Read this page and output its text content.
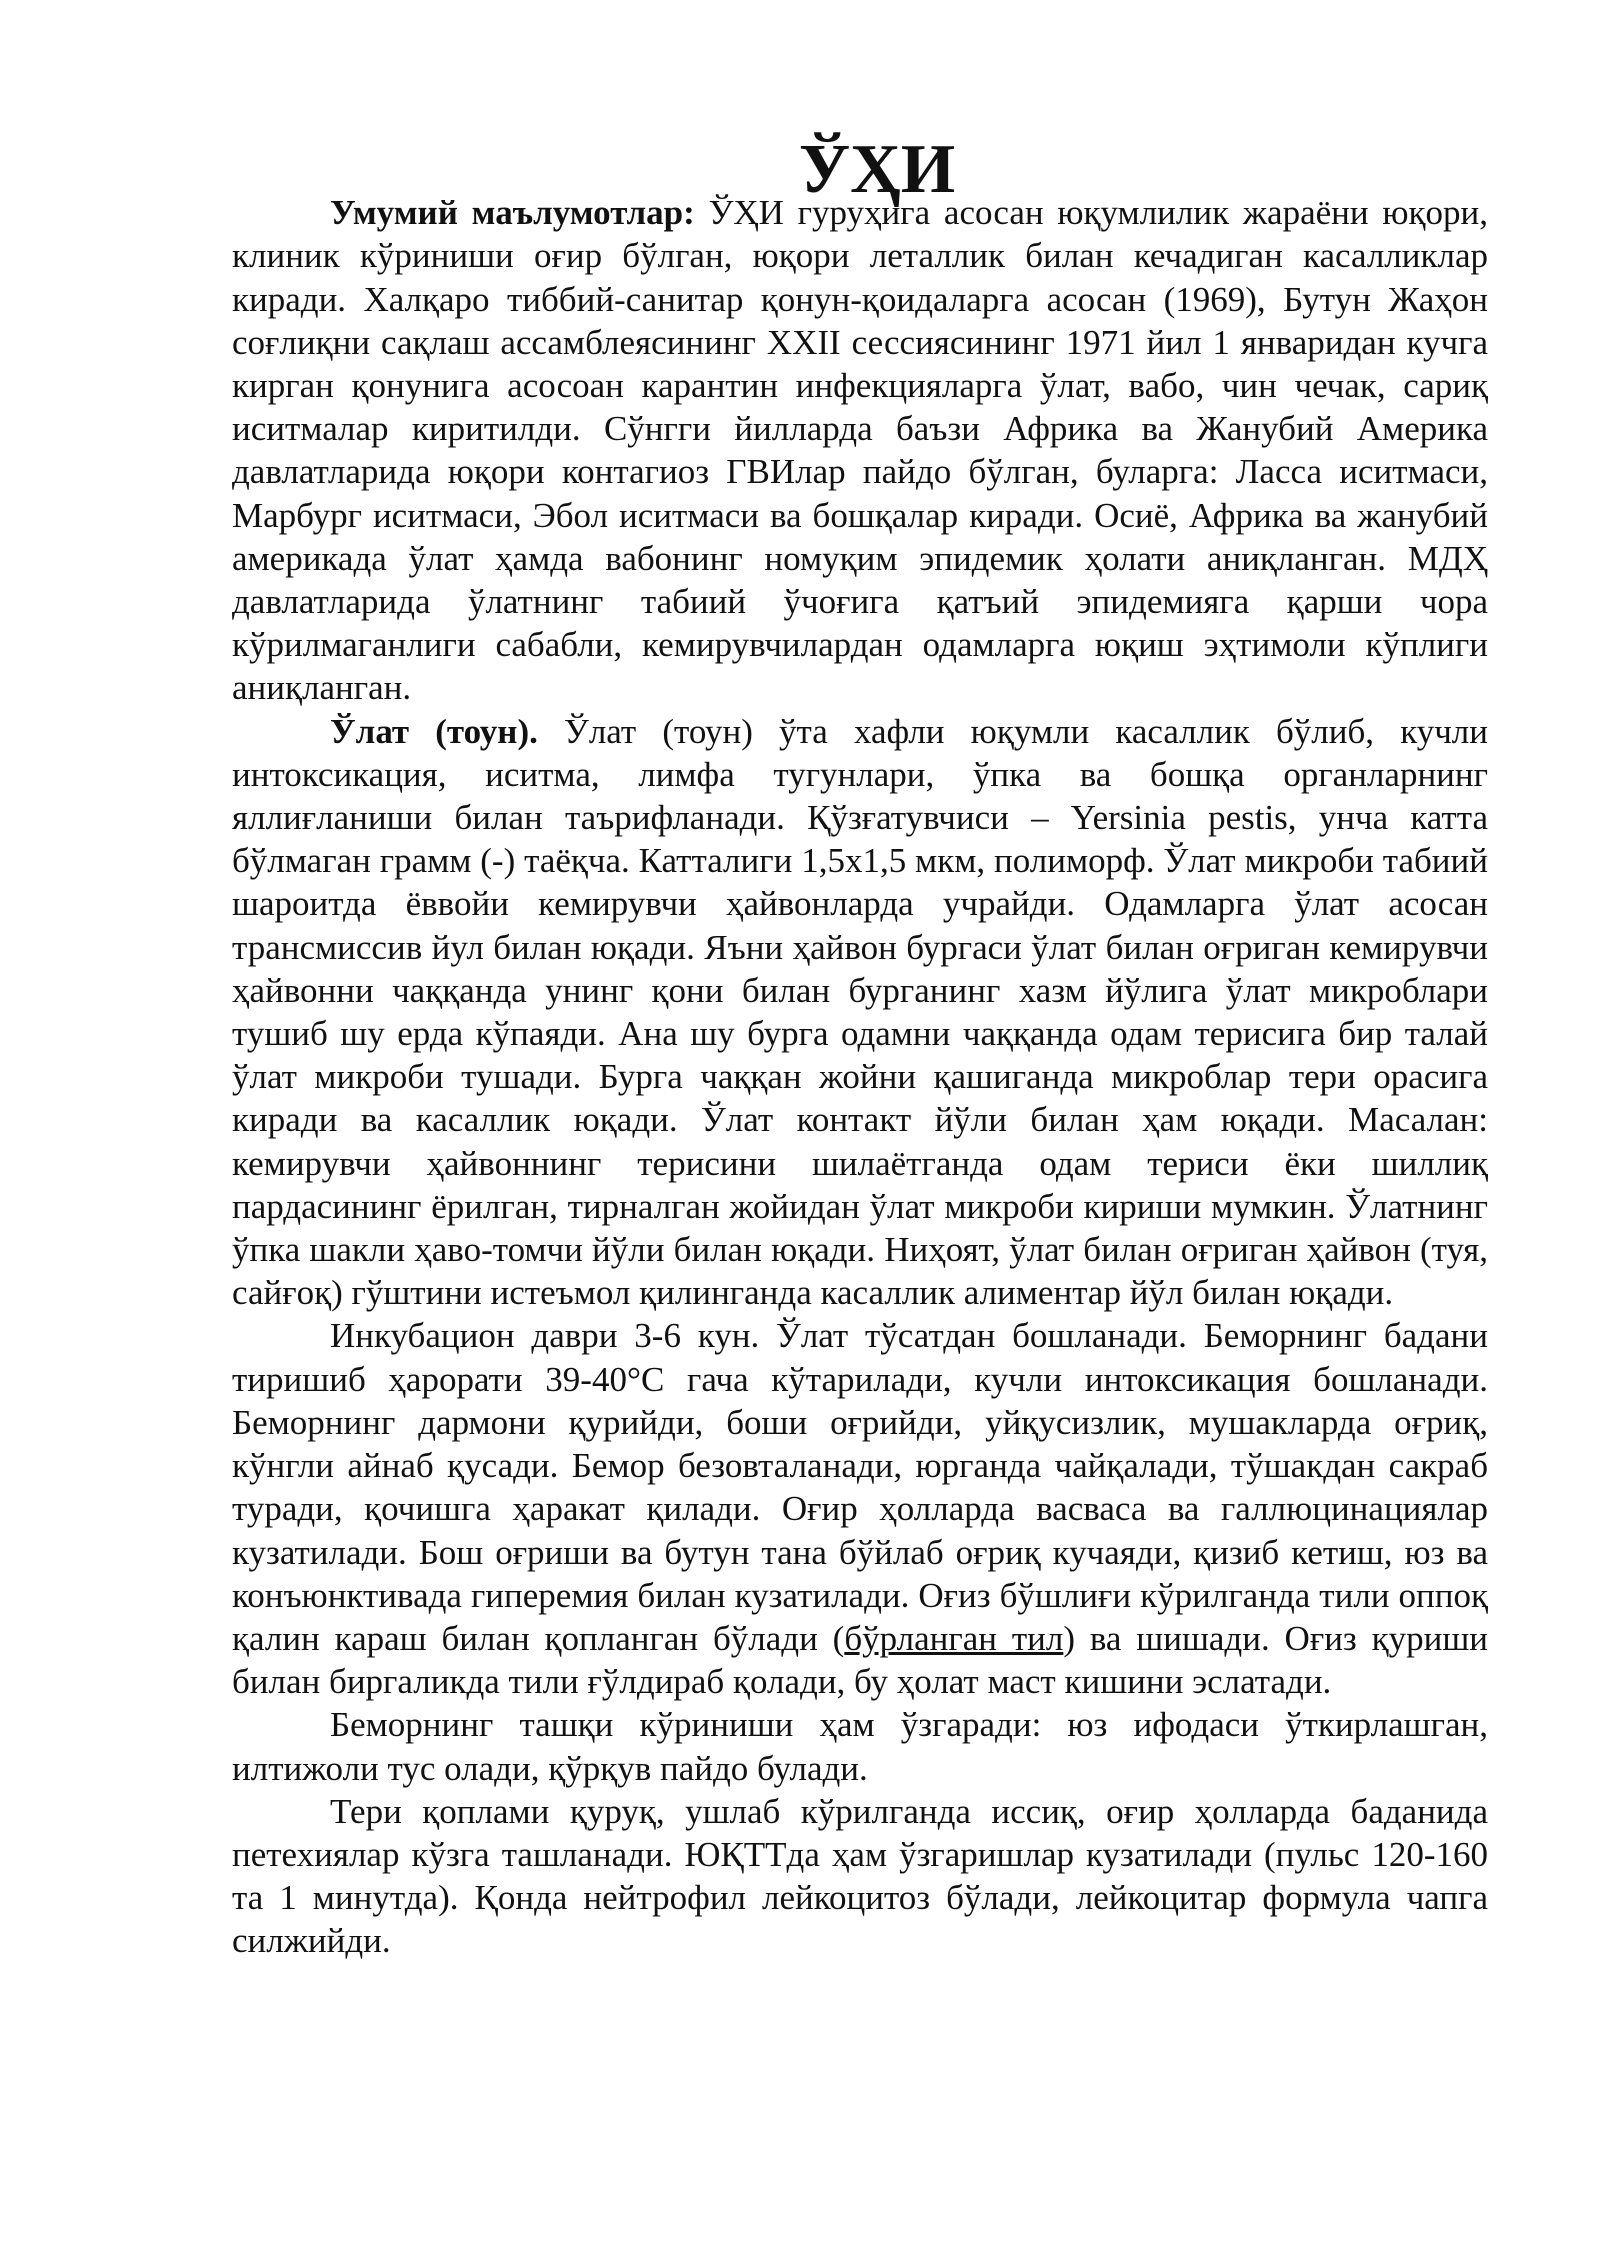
ЎҲИ

Умумий маълумотлар: ЎҲИ гуруҳига асосан юқумлилик жараёни юқори, клиник кўриниши оғир бўлган, юқори леталлик билан кечадиган касалликлар киради. Халқаро тиббий-санитар қонун-қоидаларга асосан (1969), Бутун Жаҳон соғлиқни сақлаш ассамблеясининг XXII сессиясининг 1971 йил 1 январидан кучга кирган қонунига асосоан карантин инфекцияларга ўлат, вабо, чин чечак, сариқ иситмалар киритилди. Сўнгги йилларда баъзи Африка ва Жанубий Америка давлатларида юқори контагиоз ГВИлар пайдо бўлган, буларга: Ласса иситмаси, Марбург иситмаси, Эбол иситмаси ва бошқалар киради. Осиё, Африка ва жанубий америкада ўлат ҳамда вабонинг номуқим эпидемик ҳолати аниқланган. МДҲ давлатларида ўлатнинг табиий ўчоғига қатъий эпидемияга қарши чора кўрилмаганлиги сабабли, кемирувчилардан одамларга юқиш эҳтимоли кўплиги аниқланган.

Ўлат (тоун). Ўлат (тоун) ўта хафли юқумли касаллик бўлиб, кучли интоксикация, иситма, лимфа тугунлари, ўпка ва бошқа органларнинг яллиғланиши билан таърифланади. Қўзғатувчиси – Yersinia pestis, унча катта бўлмаган грамм (-) таёқча. Катталиги 1,5х1,5 мкм, полиморф. Ўлат микроби табиий шароитда ёввойи кемирувчи ҳайвонларда учрайди. Одамларга ўлат асосан трансмиссив йул билан юқади. Яъни ҳайвон бургаси ўлат билан оғриган кемирувчи ҳайвонни чаққанда унинг қони билан бурганинг хазм йўлига ўлат микроблари тушиб шу ерда кўпаяди. Ана шу бурга одамни чаққанда одам терисига бир талай ўлат микроби тушади. Бурга чаққан жойни қашиганда микроблар тери орасига киради ва касаллик юқади. Ўлат контакт йўли билан ҳам юқади. Масалан: кемирувчи ҳайвоннинг терисини шилаётганда одам териси ёки шиллиқ пардасининг ёрилган, тирналган жойидан ўлат микроби кириши мумкин. Ўлатнинг ўпка шакли ҳаво-томчи йўли билан юқади. Ниҳоят, ўлат билан оғриган ҳайвон (туя, сайғоқ) гўштини истеъмол қилинганда касаллик алиментар йўл билан юқади.

Инкубацион даври 3-6 кун. Ўлат тўсатдан бошланади. Беморнинг бадани тиришиб ҳарорати 39-40°С гача кўтарилади, кучли интоксикация бошланади. Беморнинг дармони қурийди, боши оғрийди, уйқусизлик, мушакларда оғриқ, кўнгли айнаб қусади. Бемор безовталанади, юрганда чайқалади, тўшакдан сакраб туради, қочишга ҳаракат қилади. Оғир ҳолларда васваса ва галлюцинациялар кузатилади. Бош оғриши ва бутун тана бўйлаб оғриқ кучаяди, қизиб кетиш, юз ва конъюнктивада гиперемия билан кузатилади. Оғиз бўшлиғи кўрилганда тили оппоқ қалин караш билан қопланган бўлади (бўрланган тил) ва шишади. Оғиз қуриши билан биргаликда тили ғўлдираб қолади, бу ҳолат маст кишини эслатади.

Беморнинг ташқи кўриниши ҳам ўзгаради: юз ифодаси ўткирлашган, илтижоли тус олади, қўрқув пайдо булади.

Тери қоплами қуруқ, ушлаб кўрилганда иссиқ, оғир ҳолларда баданида петехиялар кўзга ташланади. ЮҚТТда ҳам ўзгаришлар кузатилади (пульс 120-160 та 1 минутда). Қонда нейтрофил лейкоцитоз бўлади, лейкоцитар формула чапга силжийди.
